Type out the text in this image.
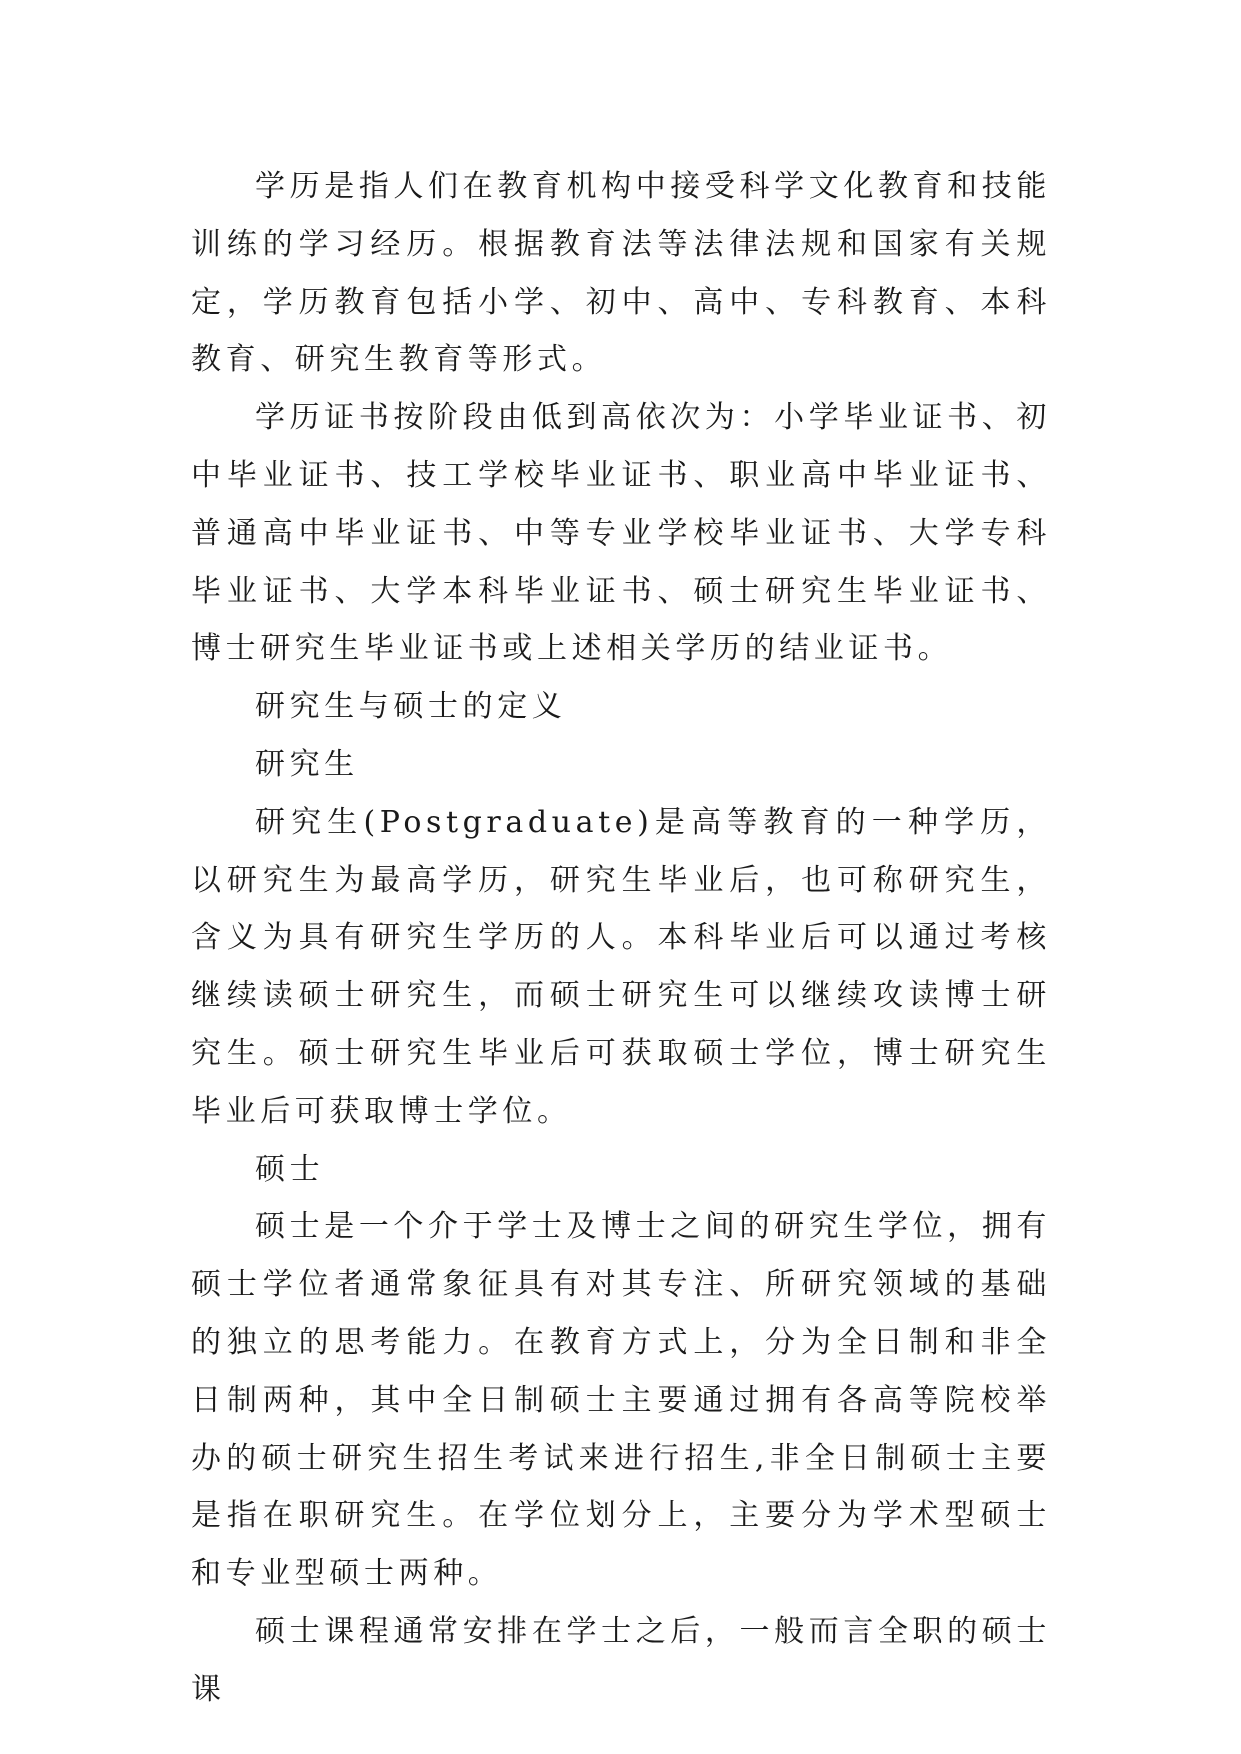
学历是指人们在教育机构中接受科学文化教育和技能训练的学习经历。根据教育法等法律法规和国家有关规定，学历教育包括小学、初中、高中、专科教育、本科教育、研究生教育等形式。

学历证书按阶段由低到高依次为：小学毕业证书、初中毕业证书、技工学校毕业证书、职业高中毕业证书、普通高中毕业证书、中等专业学校毕业证书、大学专科毕业证书、大学本科毕业证书、硕士研究生毕业证书、博士研究生毕业证书或上述相关学历的结业证书。

研究生与硕士的定义

研究生

研究生(Postgraduate)是高等教育的一种学历，以研究生为最高学历，研究生毕业后，也可称研究生，含义为具有研究生学历的人。本科毕业后可以通过考核继续读硕士研究生，而硕士研究生可以继续攻读博士研究生。硕士研究生毕业后可获取硕士学位，博士研究生毕业后可获取博士学位。

硕士

硕士是一个介于学士及博士之间的研究生学位，拥有硕士学位者通常象征具有对其专注、所研究领域的基础的独立的思考能力。在教育方式上，分为全日制和非全日制两种，其中全日制硕士主要通过拥有各高等院校举办的硕士研究生招生考试来进行招生,非全日制硕士主要是指在职研究生。在学位划分上，主要分为学术型硕士和专业型硕士两种。

硕士课程通常安排在学士之后，一般而言全职的硕士课
